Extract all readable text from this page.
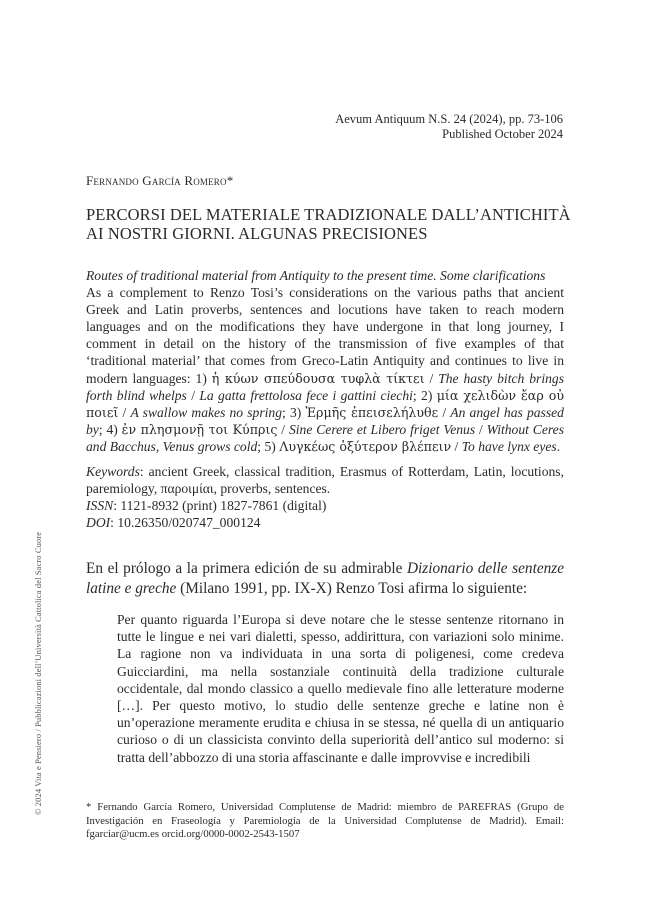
Aevum Antiquum N.S. 24 (2024), pp. 73-106
Published October 2024
Fernando García Romero*
PERCORSI DEL MATERIALE TRADIZIONALE DALL’ANTICHITÀ
AI NOSTRI GIORNI. ALGUNAS PRECISIONES
Routes of traditional material from Antiquity to the present time. Some clarifications

As a complement to Renzo Tosi’s considerations on the various paths that ancient Greek and Latin proverbs, sentences and locutions have taken to reach modern languages and on the modifications they have undergone in that long journey, I comment in detail on the history of the transmission of five examples of that ‘traditional material’ that comes from Greco-Latin Antiquity and continues to live in modern languages: 1) ἡ κύων σπεύδουσα τυφλὰ τίκτει / The hasty bitch brings forth blind whelps / La gatta frettolosa fece i gattini ciechi; 2) μία χελιδὼν ἔαρ οὐ ποιεῖ / A swallow makes no spring; 3) Ἑρμῆς ἐπεισελήλυθε / An angel has passed by; 4) ἐν πλησμονῇ τοι Κύπρις / Sine Cerere et Libero friget Venus / Without Ceres and Bacchus, Venus grows cold; 5) Λυγκέως ὀξύτερον βλέπειν / To have lynx eyes.

Keywords: ancient Greek, classical tradition, Erasmus of Rotterdam, Latin, locutions, paremiology, παροιμίαι, proverbs, sentences.
ISSN: 1121-8932 (print) 1827-7861 (digital)
DOI: 10.26350/020747_000124
En el prólogo a la primera edición de su admirable Dizionario delle sentenze latine e greche (Milano 1991, pp. IX-X) Renzo Tosi afirma lo siguiente:
Per quanto riguarda l’Europa si deve notare che le stesse sentenze ritornano in tutte le lingue e nei vari dialetti, spesso, addirittura, con variazioni solo minime. La ragione non va individuata in una sorta di poligenesi, come credeva Guicciardini, ma nella sostanziale continuità della tradizione culturale occidentale, dal mondo classico a quello medievale fino alle letterature moderne […]. Per questo motivo, lo studio delle sentenze greche e latine non è un’operazione meramente erudita e chiusa in se stessa, né quella di un antiquario curioso o di un classicista convinto della superiorità dell’antico sul moderno: si tratta dell’abbozzo di una storia affascinante e dalle improvvise e incredibili
* Fernando García Romero, Universidad Complutense de Madrid: miembro de PAREFRAS (Grupo de Investigación en Fraseología y Paremiología de la Universidad Complutense de Madrid). Email: fgarciar@ucm.es orcid.org/0000-0002-2543-1507
© 2024 Vita e Pensiero / Pubblicazioni dell’Università Cattolica del Sacro Cuore
